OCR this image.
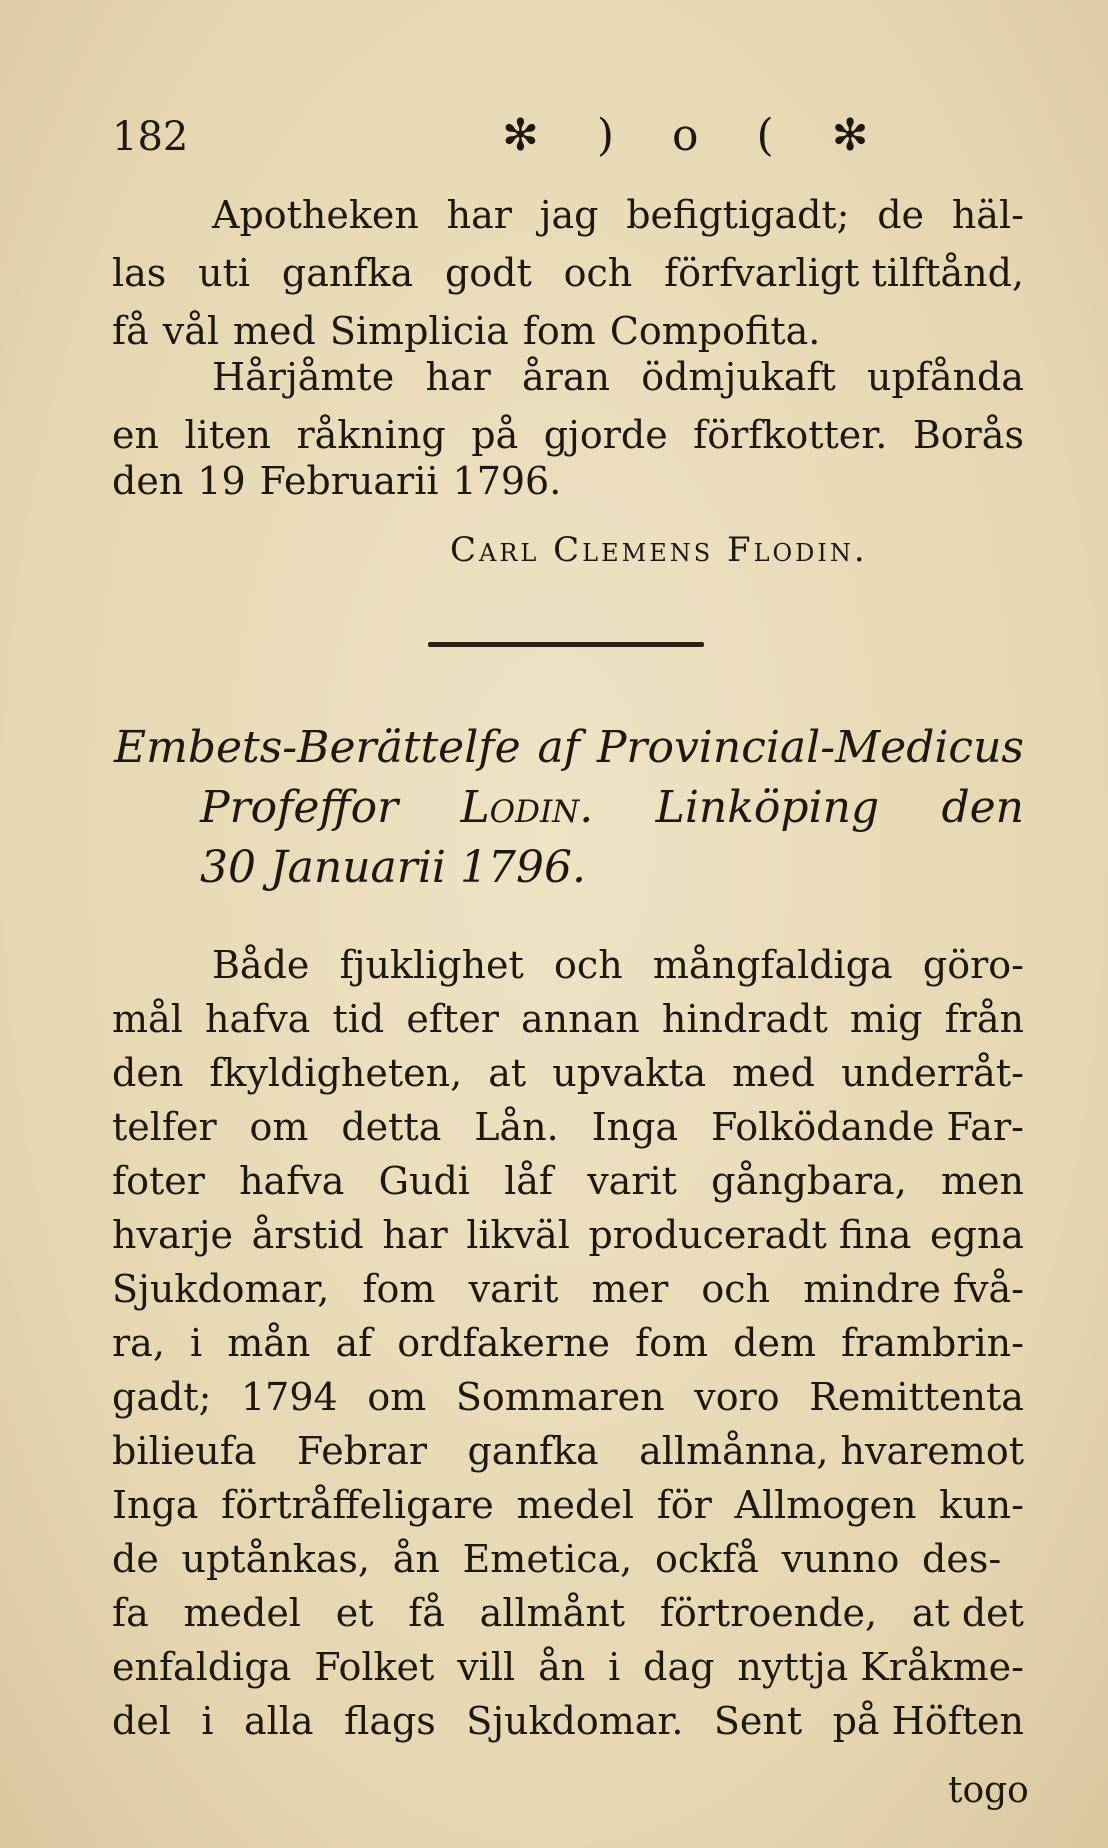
182	✻ ) o ( ✻
Apotheken har jag befigtigadt; de häl-
las uti ganfka godt och förfvarligt tilftånd,
få vål med Simplicia fom Compofita.
Hårjåmte har åran ödmjukaft upfånda
en liten råkning på gjorde förfkotter. Borås
den 19 Februarii 1796.
Carl Clemens Flodin.
Embets-Berättelfe af Provincial-Medicus
Profeffor Lodin. Linköping den
30 Januarii 1796.
Både fjuklighet och mångfaldiga göro-
mål hafva tid efter annan hindradt mig från
den fkyldigheten, at upvakta med underråt-
telfer om detta Lån. Inga Folködande Far-
foter hafva Gudi låf varit gångbara, men
hvarje årstid har likväl produceradt fina egna
Sjukdomar, fom varit mer och mindre fvå-
ra, i mån af ordfakerne fom dem frambrin-
gadt; 1794 om Sommaren voro Remittenta
bilieufa Febrar ganfka allmånna, hvaremot
Inga förtråffeligare medel för Allmogen kun-
de uptånkas, ån Emetica, ockfå vunno des-
fa medel et få allmånt förtroende, at det
enfaldiga Folket vill ån i dag nyttja Kråkme-
del i alla flags Sjukdomar. Sent på Höften
togo
